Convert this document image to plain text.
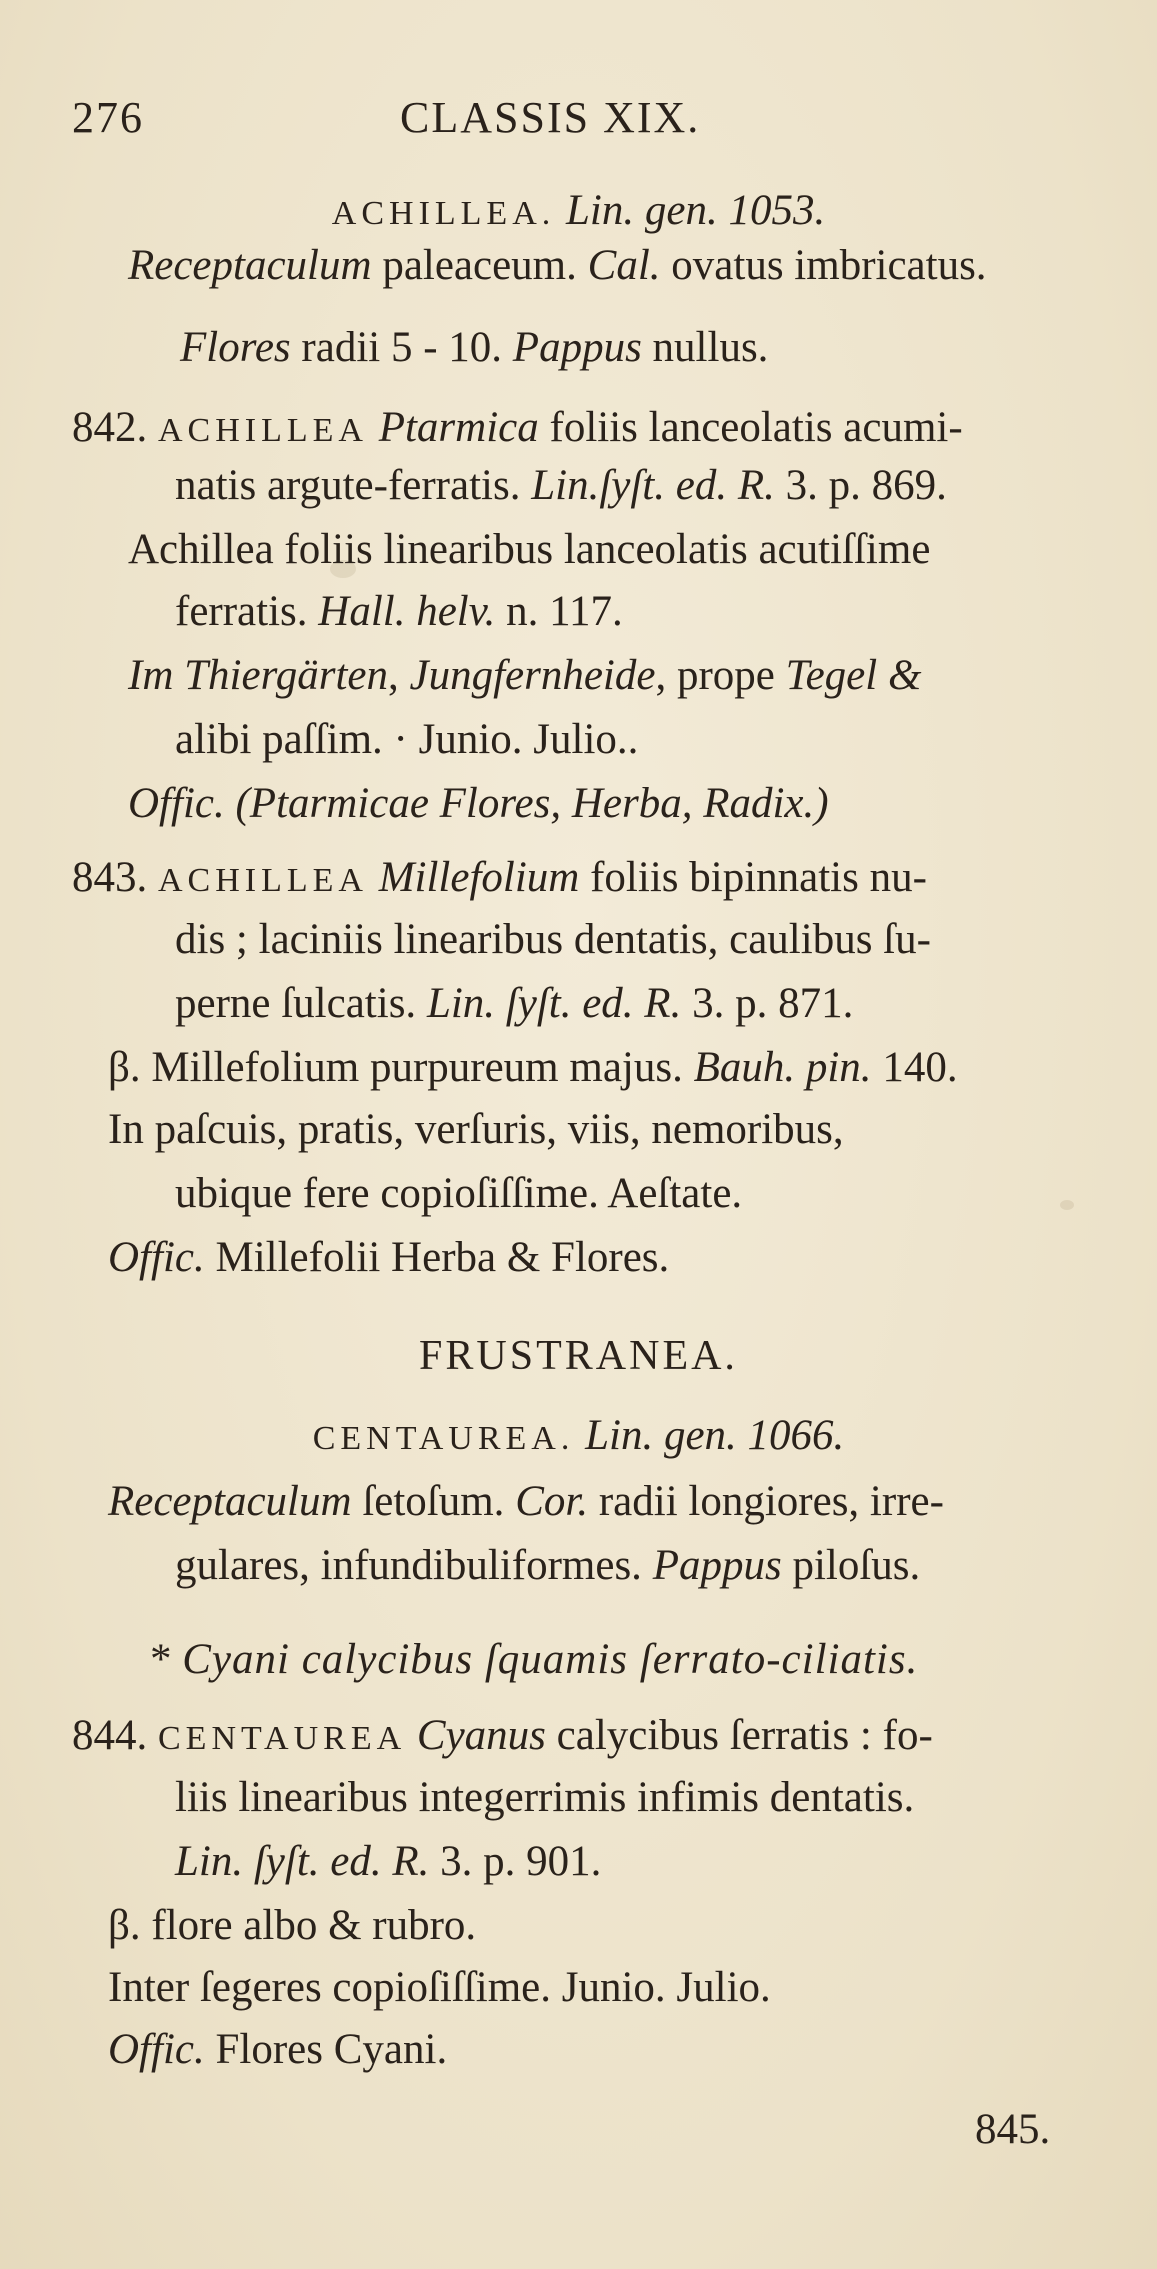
276	CLASSIS XIX.
ACHILLEA. Lin. gen. 1053.
Receptaculum paleaceum. Cal. ovatus imbricatus.
Flores radii 5 - 10. Pappus nullus.
842. ACHILLEA Ptarmica foliis lanceolatis acumi-
natis argute-ferratis. Lin.ſyſt. ed. R. 3. p. 869.
Achillea foliis linearibus lanceolatis acutiſſime
ferratis. Hall. helv. n. 117.
Im Thiergärten, Jungfernheide, prope Tegel &
alibi paſſim. · Junio. Julio..
Offic. (Ptarmicae Flores, Herba, Radix.)
843. ACHILLEA Millefolium foliis bipinnatis nu-
dis ; laciniis linearibus dentatis, caulibus ſu-
perne ſulcatis. Lin. ſyſt. ed. R. 3. p. 871.
β. Millefolium purpureum majus. Bauh. pin. 140.
In paſcuis, pratis, verſuris, viis, nemoribus,
ubique fere copioſiſſime. Aeſtate.
Offic. Millefolii Herba & Flores.
FRUSTRANEA.
CENTAUREA. Lin. gen. 1066.
Receptaculum ſetoſum. Cor. radii longiores, irre-
gulares, infundibuliformes. Pappus piloſus.
* Cyani calycibus ſquamis ſerrato-ciliatis.
844. CENTAUREA Cyanus calycibus ſerratis : fo-
liis linearibus integerrimis infimis dentatis.
Lin. ſyſt. ed. R. 3. p. 901.
β. flore albo & rubro.
Inter ſegeres copioſiſſime. Junio. Julio.
Offic. Flores Cyani.
845.
